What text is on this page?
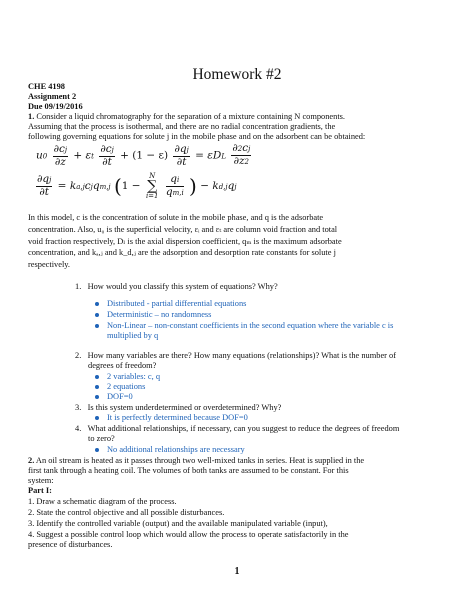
Homework #2
CHE 4198
Assignment 2
Due 09/19/2016
1. Consider a liquid chromatography for the separation of a mixture containing N components.
Assuming that the process is isothermal, and there are no radial concentration gradients, the
following governing equations for solute j in the mobile phase and on the adsorbent can be obtained:
$u0 \frac{\partial cj}{\partial z} + \varepsilon t \frac{\partial cj}{\partial t} + (1 - \varepsilon) \frac{\partial qj}{\partial t} = \varepsilon DL \frac{\partial 2cj}{\partial z2}$
$\frac{\partial qj}{\partial t}$ = ka,jcjqm,j (1 −
N
∑
i=1
$\frac{qi}{qm,i}$ ) − kd,jqj
In this model, c is the concentration of solute in the mobile phase, and q is the adsorbate
concentration. Also, u₀ is the superficial velocity, εᵢ and εₜ are column void fraction and total
void fraction respectively, Dₗ is the axial dispersion coefficient, qₘ is the maximum adsorbate
concentration, and kₐ,ⱼ and k_d,ⱼ are the adsorption and desorption rate constants for solute j
respectively.
1. How would you classify this system of equations? Why?
Distributed - partial differential equations
Deterministic – no randomness
Non-Linear – non-constant coefficients in the second equation where the variable c is
multiplied by q
2. How many variables are there? How many equations (relationships)? What is the number of
degrees of freedom?
2 variables: c, q
2 equations
DOF=0
3. Is this system underdetermined or overdetermined? Why?
It is perfectly determined because DOF=0
4. What additional relationships, if necessary, can you suggest to reduce the degrees of freedom
to zero?
No additional relationships are necessary
2. An oil stream is heated as it passes through two well-mixed tanks in series. Heat is supplied in the
first tank through a heating coil. The volumes of both tanks are assumed to be constant. For this
system:
Part I:
1. Draw a schematic diagram of the process.
2. State the control objective and all possible disturbances.
3. Identify the controlled variable (output) and the available manipulated variable (input),
4. Suggest a possible control loop which would allow the process to operate satisfactorily in the
presence of disturbances.
1
